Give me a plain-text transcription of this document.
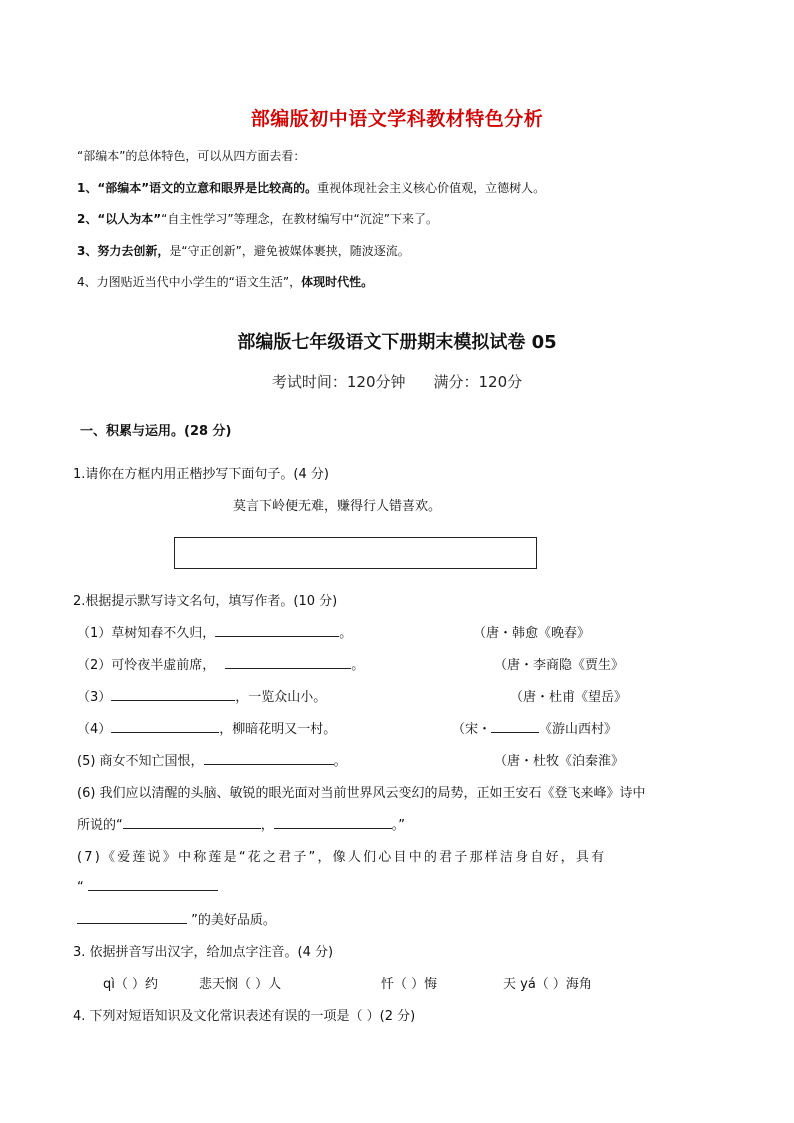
部编版初中语文学科教材特色分析
“部编本”的总体特色，可以从四方面去看：
1、“部编本”语文的立意和眼界是比较高的。重视体现社会主义核心价值观，立德树人。
2、“以人为本”“自主性学习”等理念，在教材编写中“沉淀”下来了。
3、努力去创新，是“守正创新”，避免被媒体裹挟，随波逐流。
4、力图贴近当代中小学生的“语文生活”，体现时代性。
部编版七年级语文下册期末模拟试卷 05
考试时间：120分钟 满分：120分
一、积累与运用。(28 分)
1.请你在方框内用正楷抄写下面句子。(4 分)
莫言下岭便无难，赚得行人错喜欢。
2.根据提示默写诗文名句，填写作者。(10 分)
（1）草树知春不久归，	。	（唐・韩愈《晚春》
（2）可怜夜半虚前席，	。	（唐・李商隐《贾生》
（3）	，一览众山小。	（唐・杜甫《望岳》
（4）	，柳暗花明又一村。	（宋・	《游山西村》
(5) 商女不知亡国恨，	。	（唐・杜牧《泊秦淮》
(6) 我们应以清醒的头脑、敏锐的眼光面对当前世界风云变幻的局势，正如王安石《登飞来峰》诗中
所说的“	，	。”
(7)《爱莲说》中称莲是“花之君子”，像人们心目中的君子那样洁身自好，具有
“
”的美好品质。
3. 依据拼音写出汉字，给加点字注音。(4 分)
qì（ ）约	悲天悯（ ）人	忏（ ）悔	天 yá（ ）海角
4. 下列对短语知识及文化常识表述有误的一项是（ ）(2 分)
